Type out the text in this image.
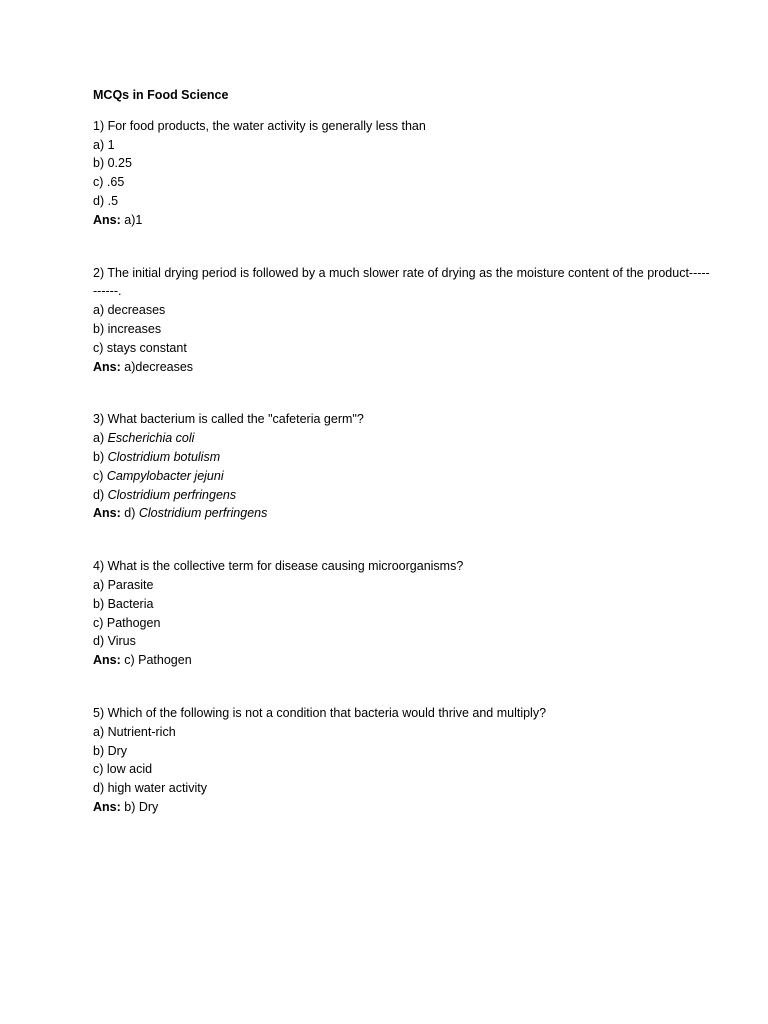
MCQs in Food Science

1) For food products, the water activity is generally less than

a) 1

b) 0.25

c) .65

d) .5

Ans: a)1

2) The initial drying period is followed by a much slower rate of drying as the moisture content of the product-----------.

a) decreases

b) increases

c) stays constant

Ans: a)decreases

3) What bacterium is called the "cafeteria germ"?

a) Escherichia coli

b) Clostridium botulism

c) Campylobacter jejuni

d) Clostridium perfringens

Ans: d) Clostridium perfringens

4) What is the collective term for disease causing microorganisms?

a) Parasite

b) Bacteria

c) Pathogen

d) Virus

Ans: c) Pathogen

5) Which of the following is not a condition that bacteria would thrive and multiply?

a) Nutrient-rich

b) Dry

c) low acid

d) high water activity

Ans: b) Dry
